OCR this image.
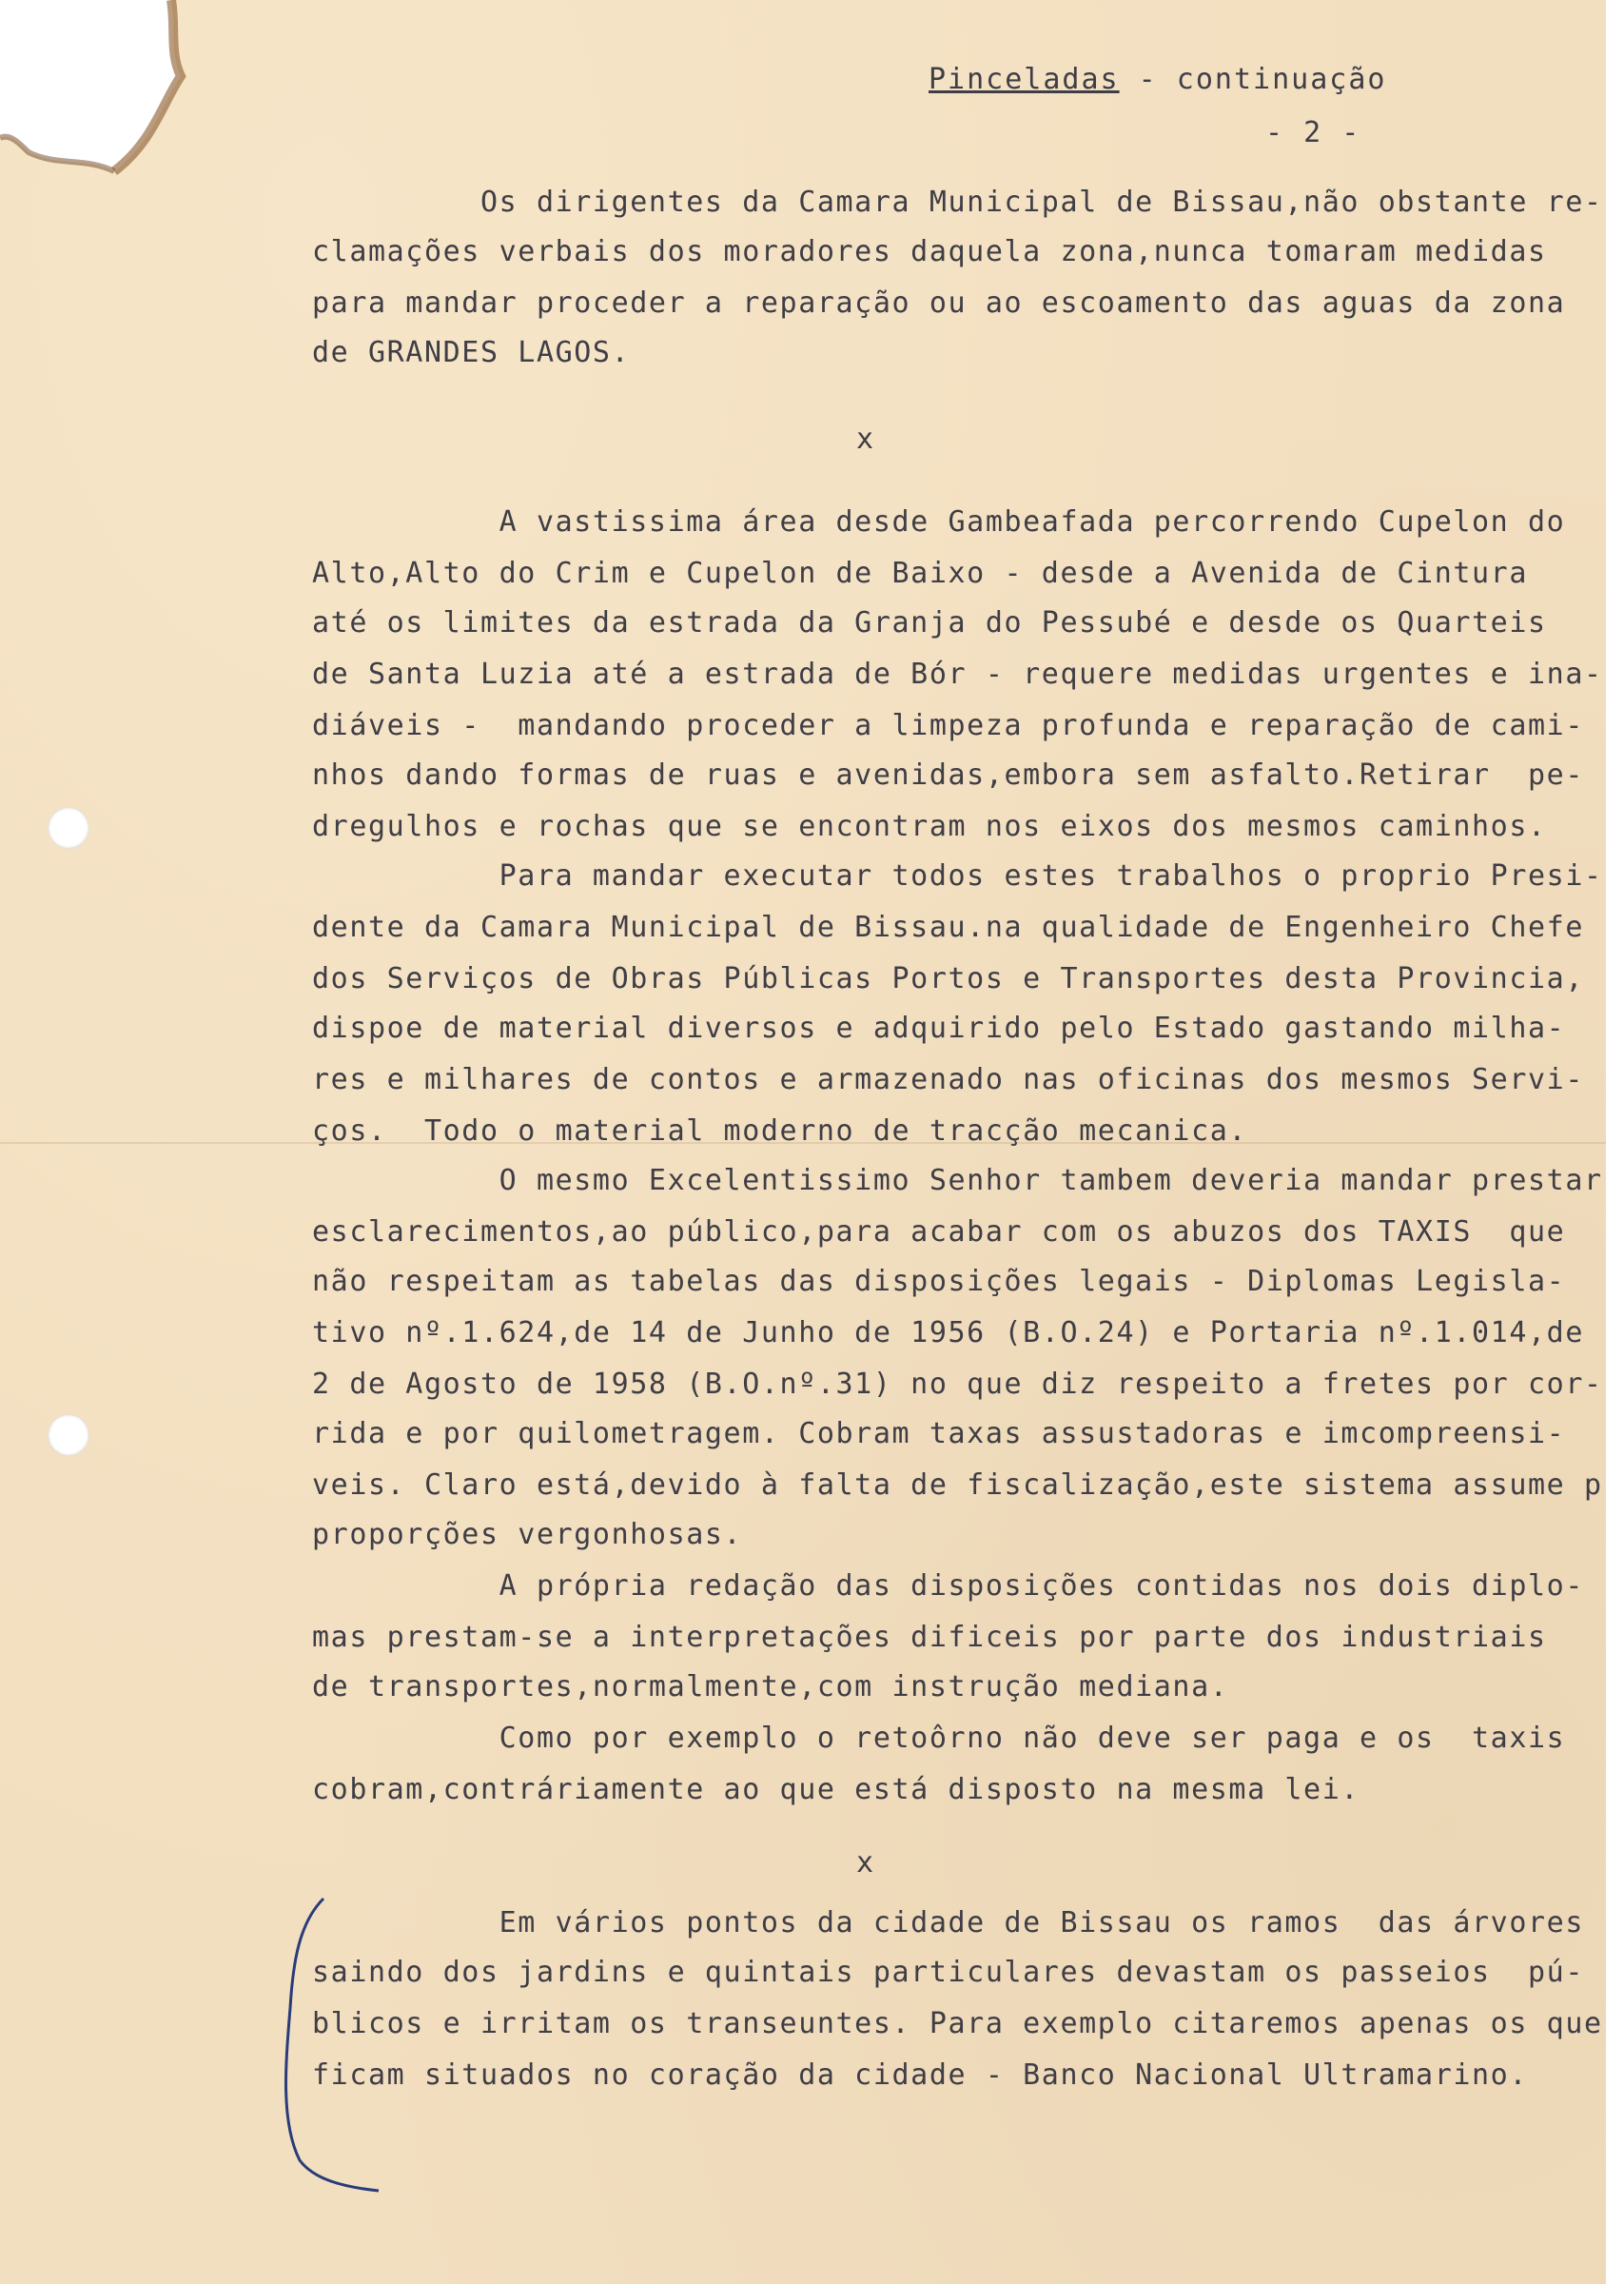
Pinceladas - continuação
- 2 -
Os dirigentes da Camara Municipal de Bissau,não obstante re-
clamações verbais dos moradores daquela zona,nunca tomaram medidas
para mandar proceder a reparação ou ao escoamento das aguas da zona
de GRANDES LAGOS.
x
A vastissima área desde Gambeafada percorrendo Cupelon do
Alto,Alto do Crim e Cupelon de Baixo - desde a Avenida de Cintura
até os limites da estrada da Granja do Pessubé e desde os Quarteis
de Santa Luzia até a estrada de Bór - requere medidas urgentes e ina-
diáveis -  mandando proceder a limpeza profunda e reparação de cami-
nhos dando formas de ruas e avenidas,embora sem asfalto.Retirar  pe-
dregulhos e rochas que se encontram nos eixos dos mesmos caminhos.
Para mandar executar todos estes trabalhos o proprio Presi-
dente da Camara Municipal de Bissau.na qualidade de Engenheiro Chefe
dos Serviços de Obras Públicas Portos e Transportes desta Provincia,
dispoe de material diversos e adquirido pelo Estado gastando milha-
res e milhares de contos e armazenado nas oficinas dos mesmos Servi-
ços.  Todo o material moderno de tracção mecanica.
O mesmo Excelentissimo Senhor tambem deveria mandar prestar
esclarecimentos,ao público,para acabar com os abuzos dos TAXIS  que
não respeitam as tabelas das disposições legais - Diplomas Legisla-
tivo nº.1.624,de 14 de Junho de 1956 (B.O.24) e Portaria nº.1.014,de
2 de Agosto de 1958 (B.O.nº.31) no que diz respeito a fretes por cor-
rida e por quilometragem. Cobram taxas assustadoras e imcompreensi-
veis. Claro está,devido à falta de fiscalização,este sistema assume p
proporções vergonhosas.
A própria redação das disposições contidas nos dois diplo-
mas prestam-se a interpretações dificeis por parte dos industriais
de transportes,normalmente,com instrução mediana.
Como por exemplo o retoôrno não deve ser paga e os  taxis
cobram,contráriamente ao que está disposto na mesma lei.
x
Em vários pontos da cidade de Bissau os ramos  das árvores
saindo dos jardins e quintais particulares devastam os passeios  pú-
blicos e irritam os transeuntes. Para exemplo citaremos apenas os que
ficam situados no coração da cidade - Banco Nacional Ultramarino.
